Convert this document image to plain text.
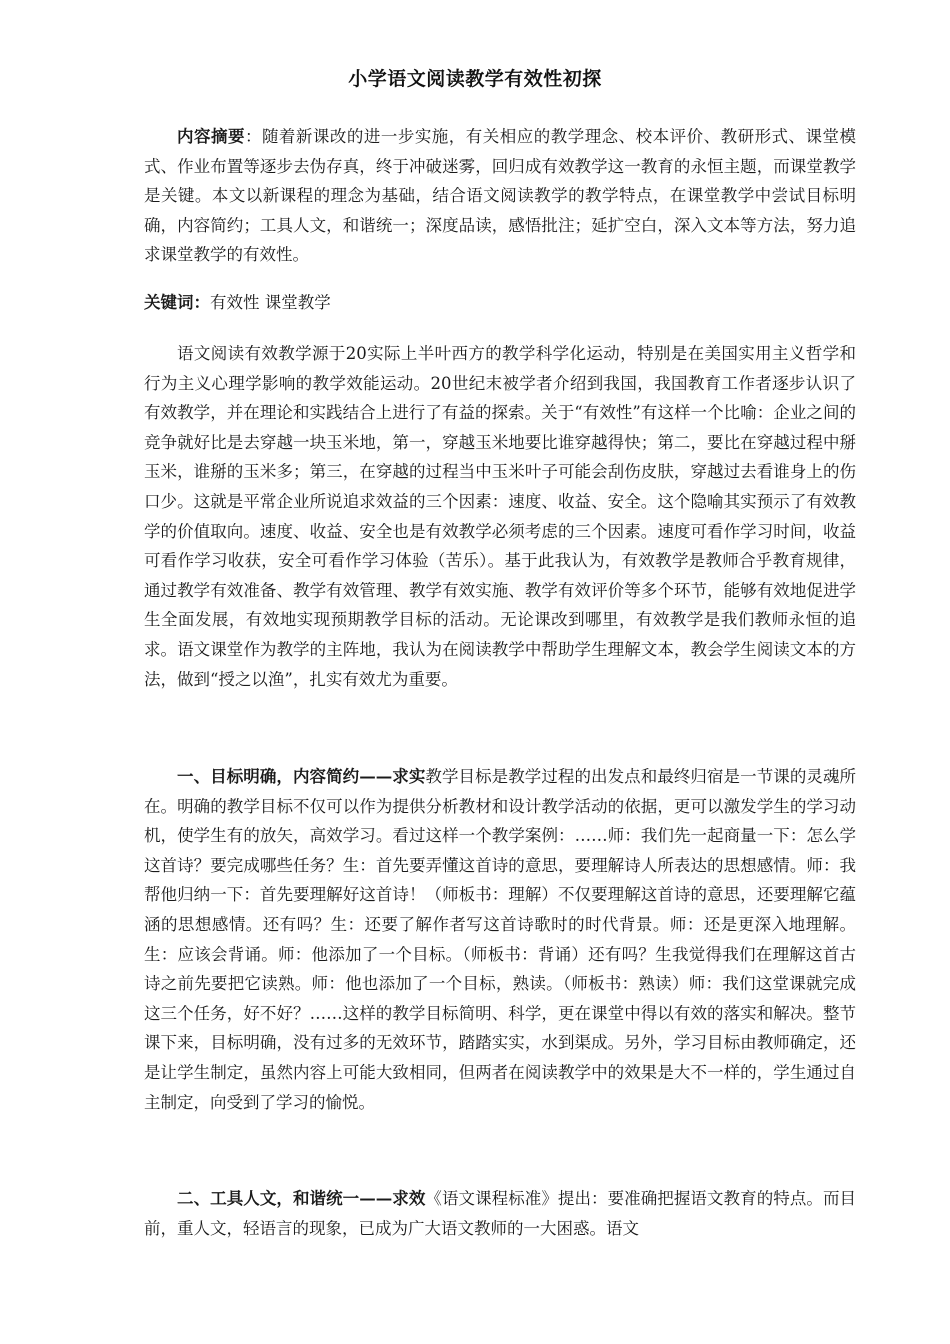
小学语文阅读教学有效性初探

内容摘要：随着新课改的进一步实施，有关相应的教学理念、校本评价、教研形式、课堂模式、作业布置等逐步去伪存真，终于冲破迷雾，回归成有效教学这一教育的永恒主题，而课堂教学是关键。本文以新课程的理念为基础，结合语文阅读教学的教学特点，在课堂教学中尝试目标明确，内容简约；工具人文，和谐统一；深度品读，感悟批注；延扩空白，深入文本等方法，努力追求课堂教学的有效性。

关键词：有效性 课堂教学

语文阅读有效教学源于20实际上半叶西方的教学科学化运动，特别是在美国实用主义哲学和行为主义心理学影响的教学效能运动。20世纪末被学者介绍到我国，我国教育工作者逐步认识了有效教学，并在理论和实践结合上进行了有益的探索。关于“有效性”有这样一个比喻：企业之间的竞争就好比是去穿越一块玉米地，第一，穿越玉米地要比谁穿越得快；第二，要比在穿越过程中掰玉米，谁掰的玉米多；第三，在穿越的过程当中玉米叶子可能会刮伤皮肤，穿越过去看谁身上的伤口少。这就是平常企业所说追求效益的三个因素：速度、收益、安全。这个隐喻其实预示了有效教学的价值取向。速度、收益、安全也是有效教学必须考虑的三个因素。速度可看作学习时间，收益可看作学习收获，安全可看作学习体验（苦乐）。基于此我认为，有效教学是教师合乎教育规律，通过教学有效准备、教学有效管理、教学有效实施、教学有效评价等多个环节，能够有效地促进学生全面发展，有效地实现预期教学目标的活动。无论课改到哪里，有效教学是我们教师永恒的追求。语文课堂作为教学的主阵地，我认为在阅读教学中帮助学生理解文本，教会学生阅读文本的方法，做到“授之以渔”，扎实有效尤为重要。

一、目标明确，内容简约——求实教学目标是教学过程的出发点和最终归宿是一节课的灵魂所在。明确的教学目标不仅可以作为提供分析教材和设计教学活动的依据，更可以激发学生的学习动机，使学生有的放矢，高效学习。看过这样一个教学案例：……师：我们先一起商量一下：怎么学这首诗？要完成哪些任务？生：首先要弄懂这首诗的意思，要理解诗人所表达的思想感情。师：我帮他归纳一下：首先要理解好这首诗！（师板书：理解）不仅要理解这首诗的意思，还要理解它蕴涵的思想感情。还有吗？生：还要了解作者写这首诗歌时的时代背景。师：还是更深入地理解。生：应该会背诵。师：他添加了一个目标。（师板书：背诵）还有吗？生我觉得我们在理解这首古诗之前先要把它读熟。师：他也添加了一个目标，熟读。（师板书：熟读）师：我们这堂课就完成这三个任务，好不好？……这样的教学目标简明、科学，更在课堂中得以有效的落实和解决。整节课下来，目标明确，没有过多的无效环节，踏踏实实，水到渠成。另外，学习目标由教师确定，还是让学生制定，虽然内容上可能大致相同，但两者在阅读教学中的效果是大不一样的，学生通过自主制定，向受到了学习的愉悦。

二、工具人文，和谐统一——求效《语文课程标准》提出：要准确把握语文教育的特点。而目前，重人文，轻语言的现象，已成为广大语文教师的一大困惑。语文
